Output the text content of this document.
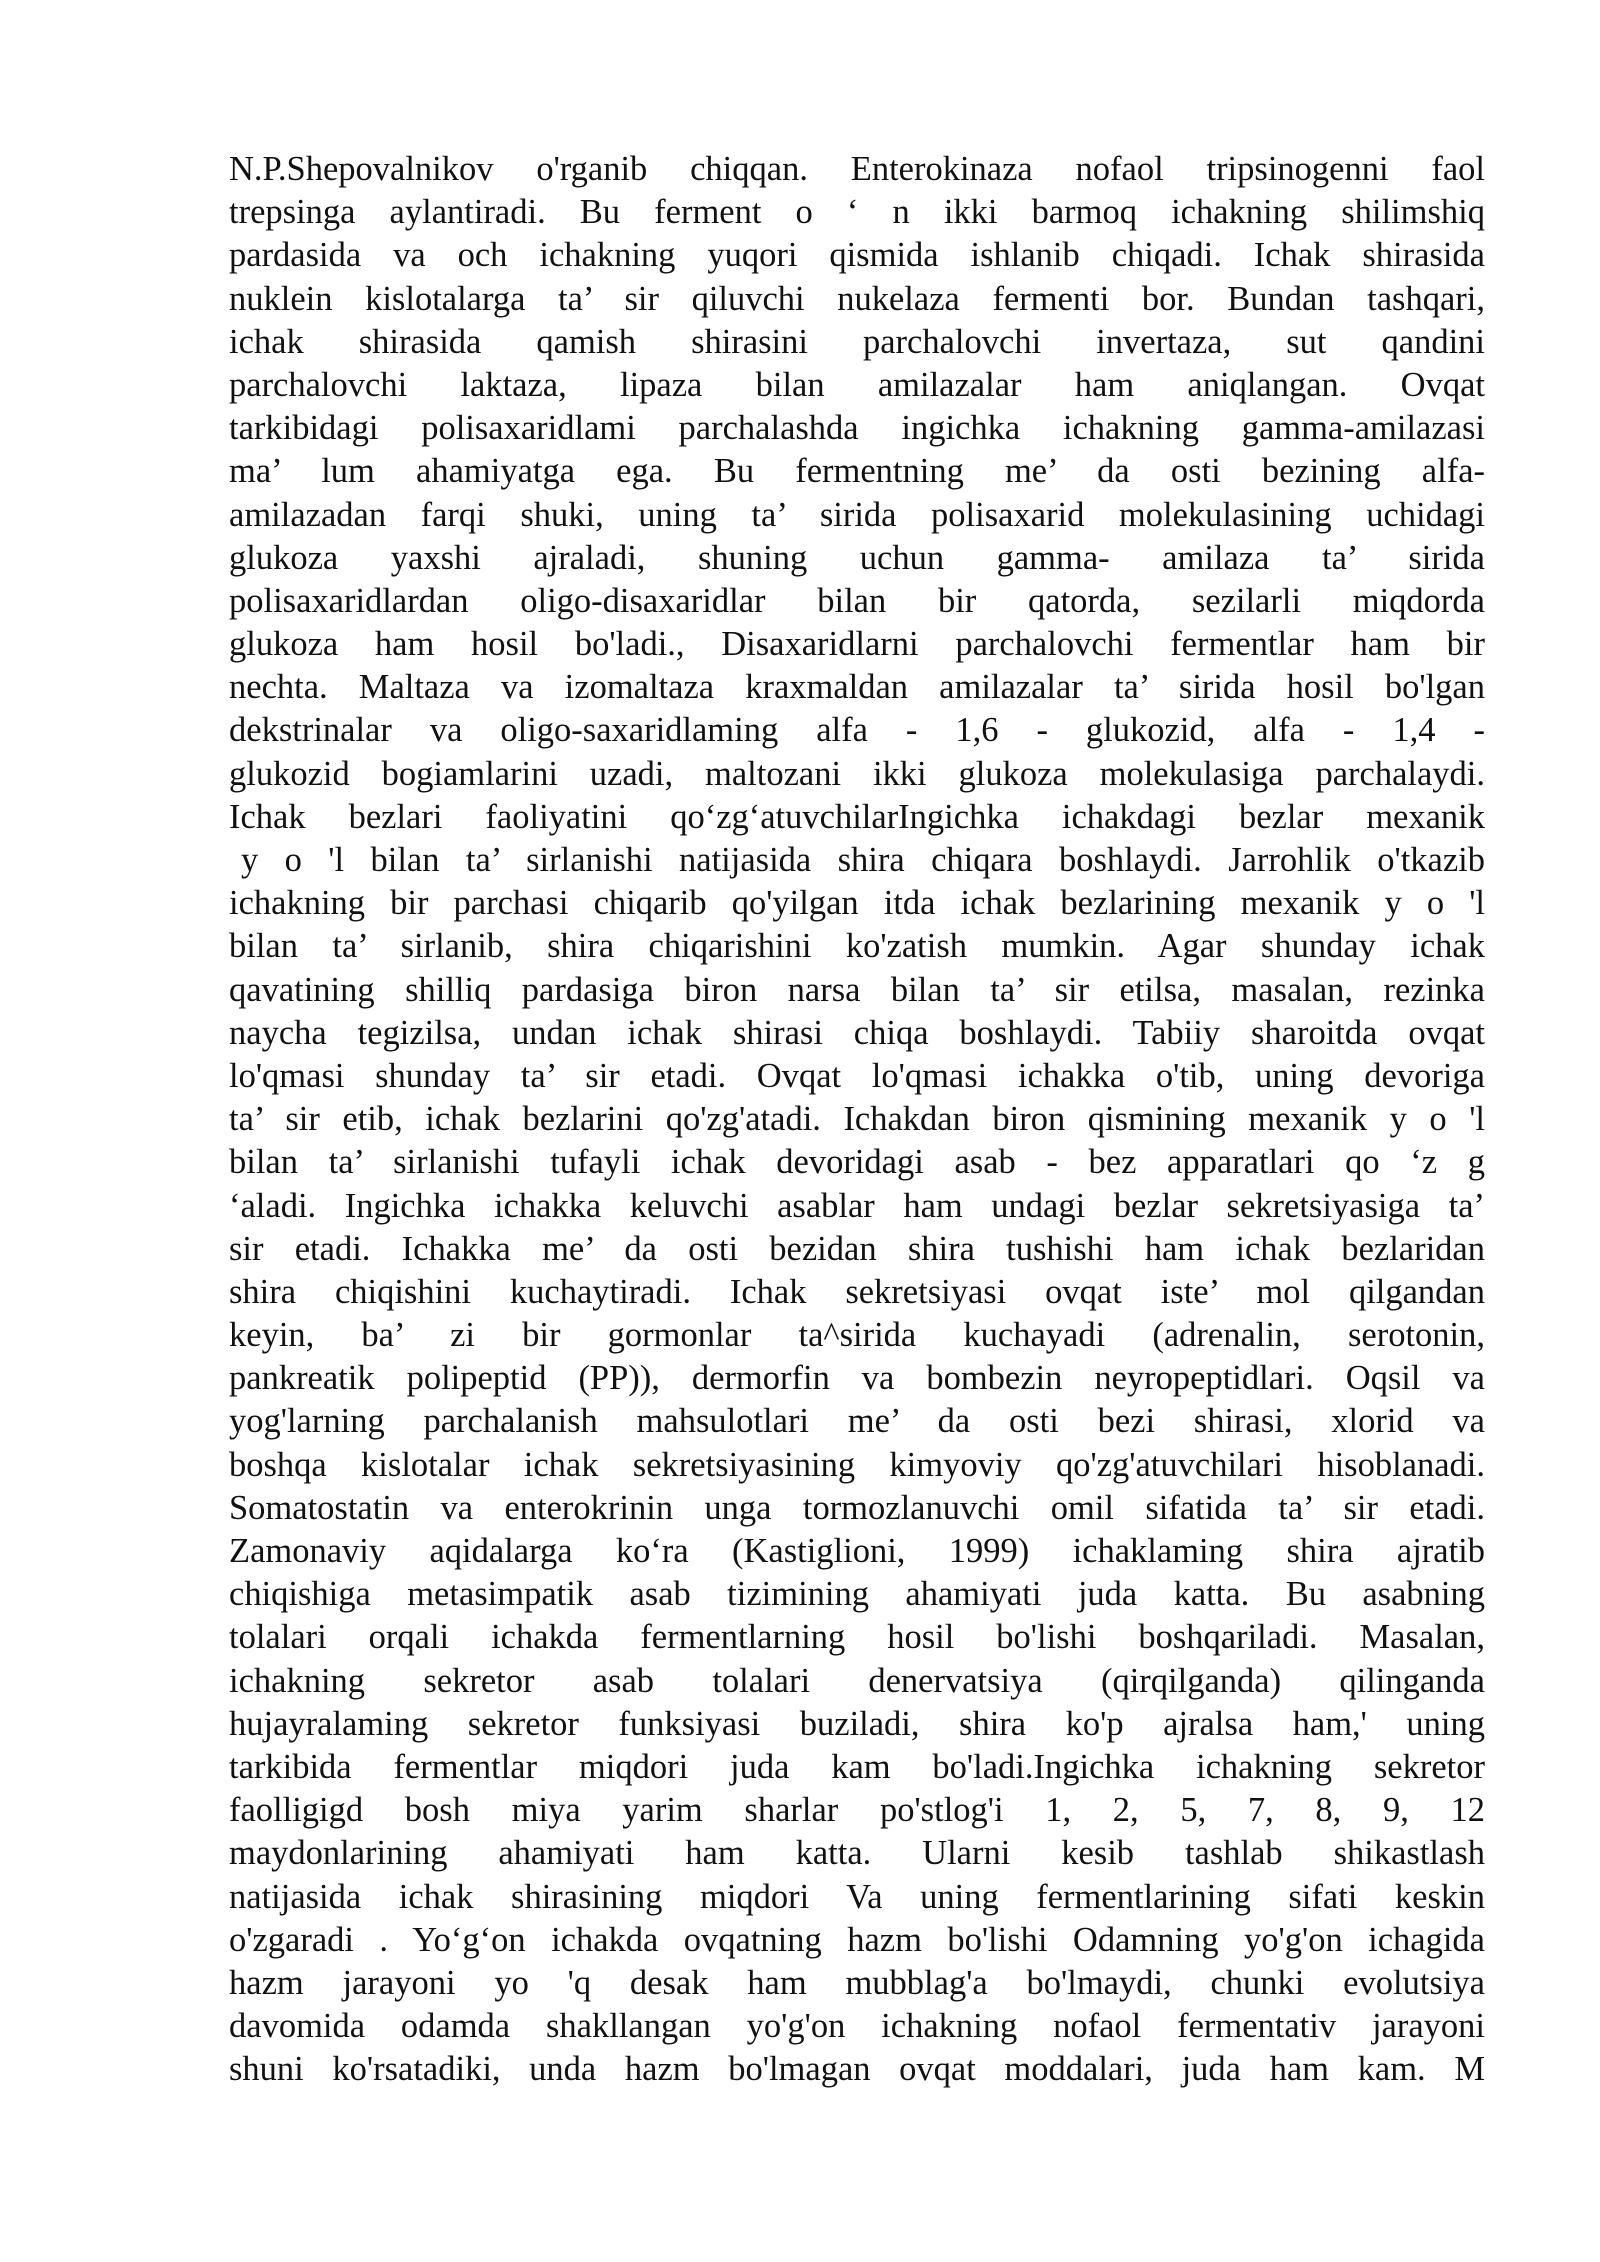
N.P.Shepovalnikov o'rganib chiqqan. Enterokinaza nofaol tripsinogenni faol
trepsinga aylantiradi. Bu ferment o ‘ n ikki barmoq ichakning shilimshiq
pardasida va och ichakning yuqori qismida ishlanib chiqadi. Ichak shirasida
nuklein kislotalarga ta’ sir qiluvchi nukelaza fermenti bor. Bundan tashqari,
ichak shirasida qamish shirasini parchalovchi invertaza, sut qandini
parchalovchi laktaza, lipaza bilan amilazalar ham aniqlangan. Ovqat
tarkibidagi polisaxaridlami parchalashda ingichka ichakning gamma-amilazasi
ma’ lum ahamiyatga ega. Bu fermentning me’ da osti bezining alfa-
amilazadan farqi shuki, uning ta’ sirida polisaxarid molekulasining uchidagi
glukoza yaxshi ajraladi, shuning uchun gamma- amilaza ta’ sirida
polisaxaridlardan oligo-disaxaridlar bilan bir qatorda, sezilarli miqdorda
glukoza ham hosil bo'ladi., Disaxaridlarni parchalovchi fermentlar ham bir
nechta. Maltaza va izomaltaza kraxmaldan amilazalar ta’ sirida hosil bo'lgan
dekstrinalar va oligo-saxaridlaming alfa - 1,6 - glukozid, alfa - 1,4 -
glukozid bogiamlarini uzadi, maltozani ikki glukoza molekulasiga parchalaydi.
Ichak bezlari faoliyatini qo‘zg‘atuvchilarIngichka ichakdagi bezlar mexanik
y o 'l bilan ta’ sirlanishi natijasida shira chiqara boshlaydi. Jarrohlik o'tkazib
ichakning bir parchasi chiqarib qo'yilgan itda ichak bezlarining mexanik y o 'l
bilan ta’ sirlanib, shira chiqarishini ko'zatish mumkin. Agar shunday ichak
qavatining shilliq pardasiga biron narsa bilan ta’ sir etilsa, masalan, rezinka
naycha tegizilsa, undan ichak shirasi chiqa boshlaydi. Tabiiy sharoitda ovqat
lo'qmasi shunday ta’ sir etadi. Ovqat lo'qmasi ichakka o'tib, uning devoriga
ta’ sir etib, ichak bezlarini qo'zg'atadi. Ichakdan biron qismining mexanik y o 'l
bilan ta’ sirlanishi tufayli ichak devoridagi asab - bez apparatlari qo ‘z g
‘aladi. Ingichka ichakka keluvchi asablar ham undagi bezlar sekretsiyasiga ta’
sir etadi. Ichakka me’ da osti bezidan shira tushishi ham ichak bezlaridan
shira chiqishini kuchaytiradi. Ichak sekretsiyasi ovqat iste’ mol qilgandan
keyin, ba’ zi bir gormonlar ta^sirida kuchayadi (adrenalin, serotonin,
pankreatik polipeptid (PP)), dermorfin va bombezin neyropeptidlari. Oqsil va
yog'larning parchalanish mahsulotlari me’ da osti bezi shirasi, xlorid va
boshqa kislotalar ichak sekretsiyasining kimyoviy qo'zg'atuvchilari hisoblanadi.
Somatostatin va enterokrinin unga tormozlanuvchi omil sifatida ta’ sir etadi.
Zamonaviy aqidalarga ko‘ra (Kastiglioni, 1999) ichaklaming shira ajratib
chiqishiga metasimpatik asab tizimining ahamiyati juda katta. Bu asabning
tolalari orqali ichakda fermentlarning hosil bo'lishi boshqariladi. Masalan,
ichakning sekretor asab tolalari denervatsiya (qirqilganda) qilinganda
hujayralaming sekretor funksiyasi buziladi, shira ko'p ajralsa ham,' uning
tarkibida fermentlar miqdori juda kam bo'ladi.Ingichka ichakning sekretor
faolligigd bosh miya yarim sharlar po'stlog'i 1, 2, 5, 7, 8, 9, 12
maydonlarining ahamiyati ham katta. Ularni kesib tashlab shikastlash
natijasida ichak shirasining miqdori Va uning fermentlarining sifati keskin
o'zgaradi . Yo‘g‘on ichakda ovqatning hazm bo'lishi Odamning yo'g'on ichagida
hazm jarayoni yo 'q desak ham mubblag'a bo'lmaydi, chunki evolutsiya
davomida odamda shakllangan yo'g'on ichakning nofaol fermentativ jarayoni
shuni ko'rsatadiki, unda hazm bo'lmagan ovqat moddalari, juda ham kam. M
